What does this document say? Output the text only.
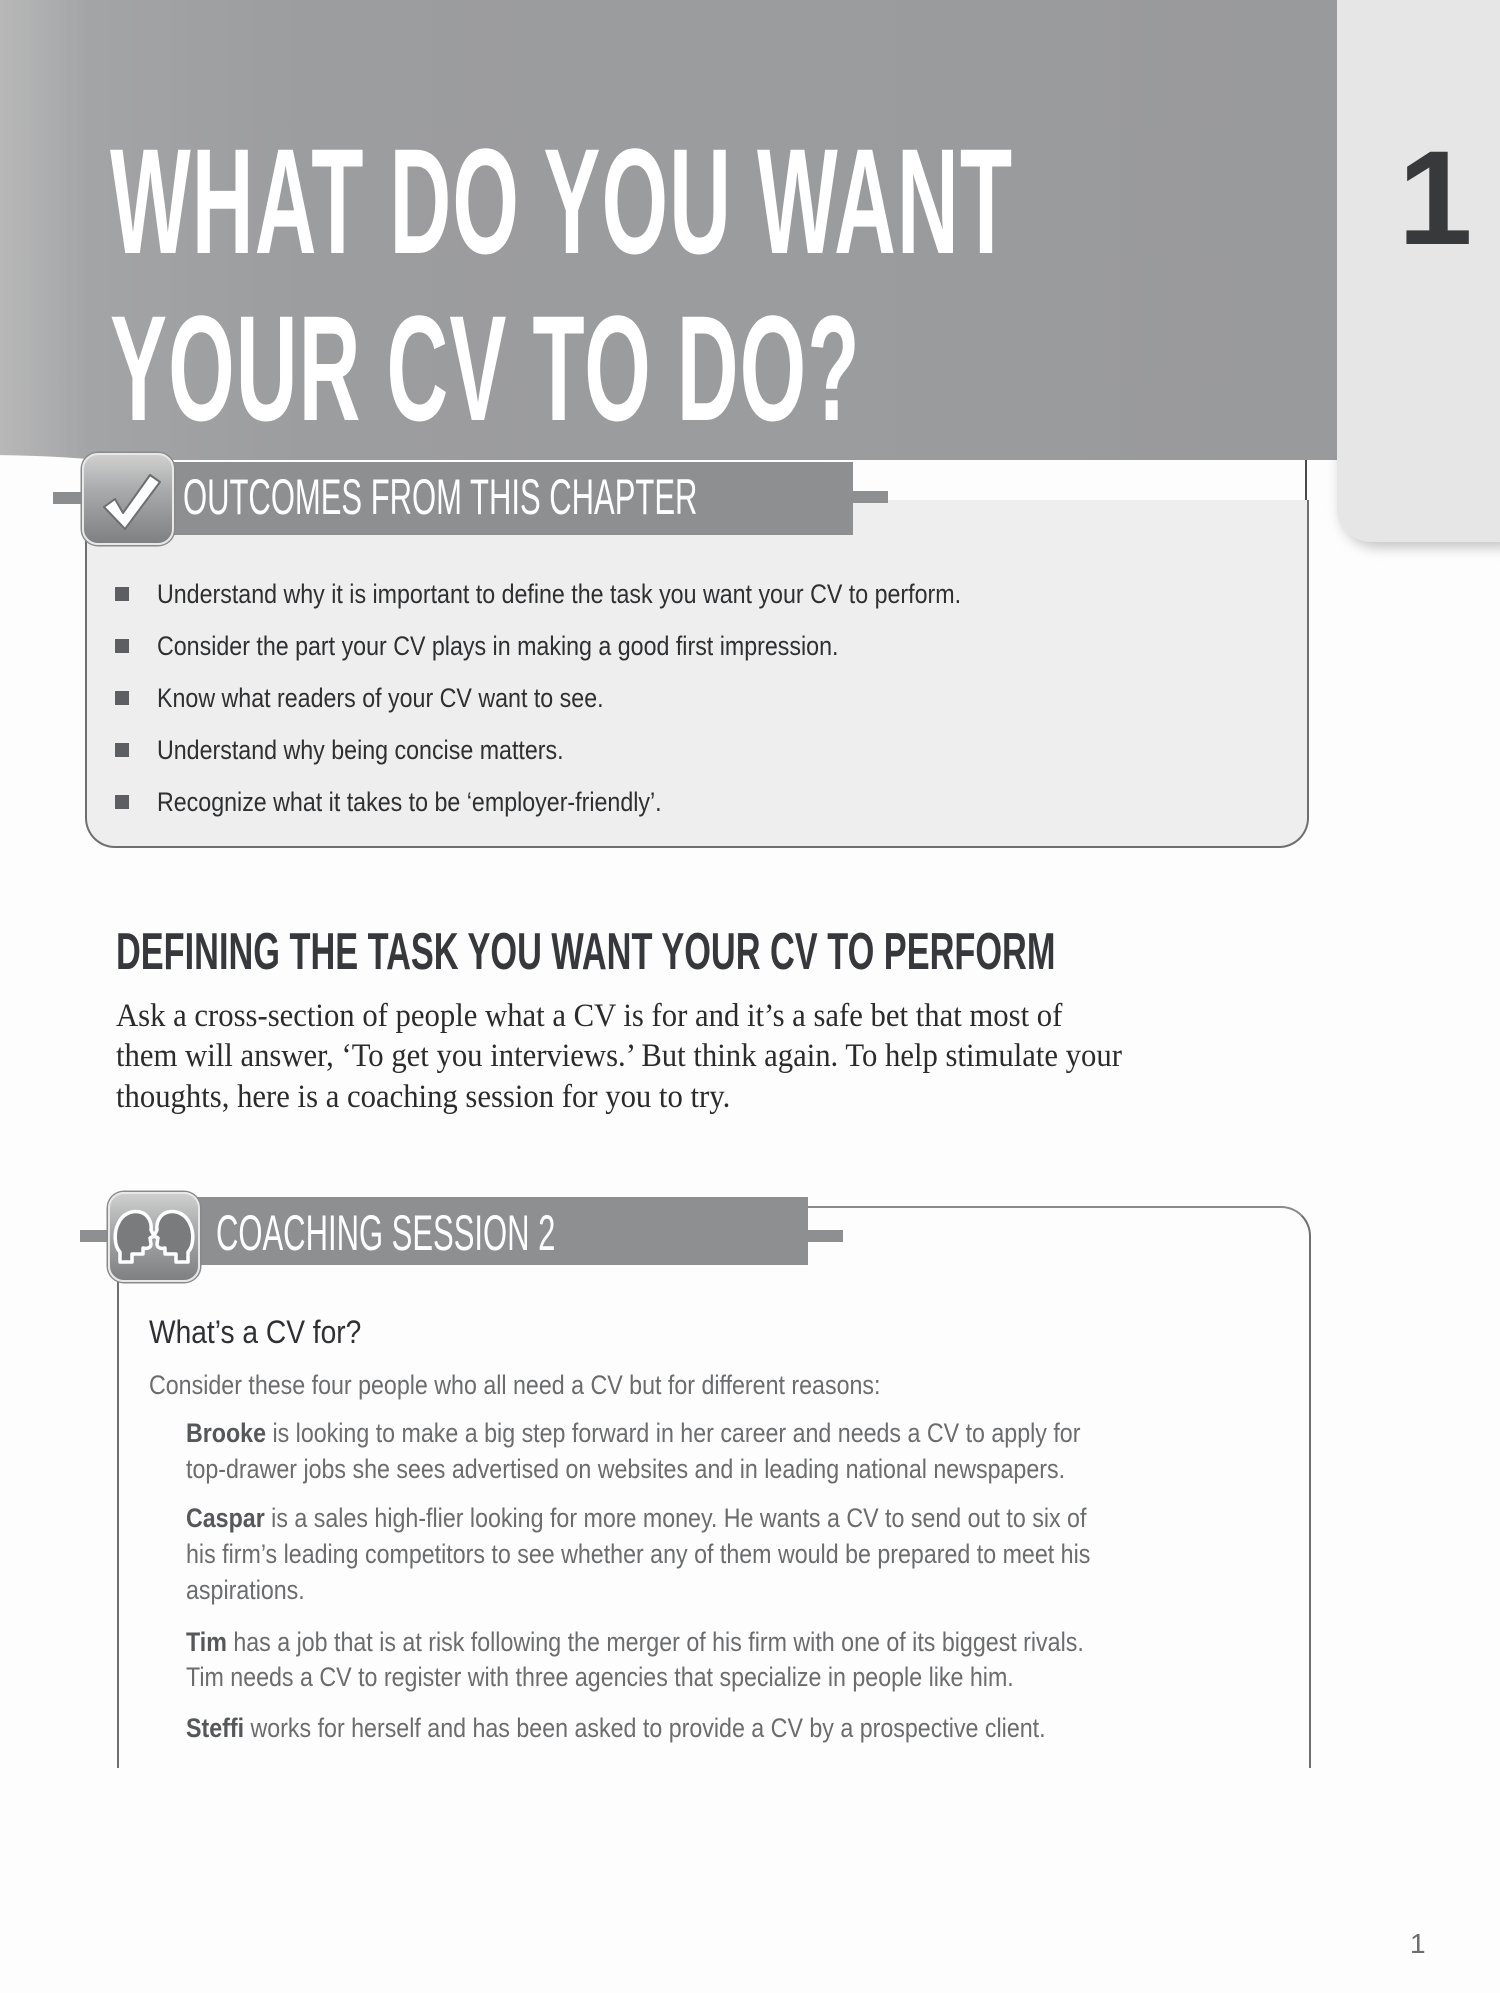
1
WHAT DO YOU WANT
YOUR CV TO DO?
OUTCOMES FROM THIS CHAPTER
Understand why it is important to define the task you want your CV to perform.
Consider the part your CV plays in making a good first impression.
Know what readers of your CV want to see.
Understand why being concise matters.
Recognize what it takes to be ‘employer-friendly’.
DEFINING THE TASK YOU WANT YOUR CV TO PERFORM
Ask a cross-section of people what a CV is for and it’s a safe bet that most of
them will answer, ‘To get you interviews.’ But think again. To help stimulate your
thoughts, here is a coaching session for you to try.
COACHING SESSION 2
What’s a CV for?
Consider these four people who all need a CV but for different reasons:
Brooke is looking to make a big step forward in her career and needs a CV to apply for
top-drawer jobs she sees advertised on websites and in leading national newspapers.
Caspar is a sales high-flier looking for more money. He wants a CV to send out to six of
his firm’s leading competitors to see whether any of them would be prepared to meet his
aspirations.
Tim has a job that is at risk following the merger of his firm with one of its biggest rivals.
Tim needs a CV to register with three agencies that specialize in people like him.
Steffi works for herself and has been asked to provide a CV by a prospective client.
1
